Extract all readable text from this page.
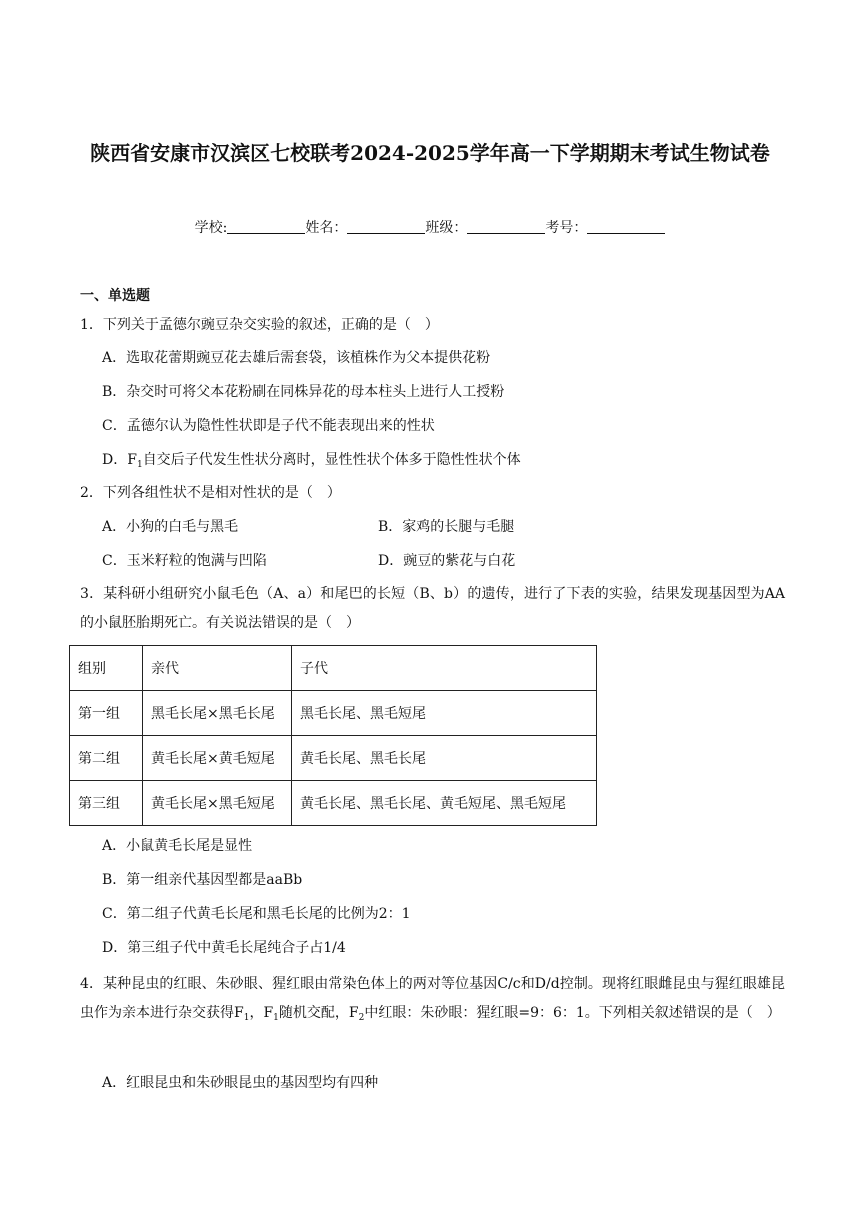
陕西省安康市汉滨区七校联考2024-2025学年高一下学期期末考试生物试卷
学校:	姓名：	班级：	考号：
一、单选题
1．下列关于孟德尔豌豆杂交实验的叙述，正确的是（　）
A．选取花蕾期豌豆花去雄后需套袋，该植株作为父本提供花粉
B．杂交时可将父本花粉刷在同株异花的母本柱头上进行人工授粉
C．孟德尔认为隐性性状即是子代不能表现出来的性状
D．$F_1$自交后子代发生性状分离时，显性性状个体多于隐性性状个体
2．下列各组性状不是相对性状的是（　）
A．小狗的白毛与黑毛	B．家鸡的长腿与毛腿
C．玉米籽粒的饱满与凹陷	D．豌豆的紫花与白花
3．某科研小组研究小鼠毛色（A、a）和尾巴的长短（B、b）的遗传，进行了下表的实验，结果发现基因型为AA的小鼠胚胎期死亡。有关说法错误的是（　）
组别	亲代	子代
第一组	黑毛长尾×黑毛长尾	黑毛长尾、黑毛短尾
第二组	黄毛长尾×黄毛短尾	黄毛长尾、黑毛长尾
第三组	黄毛长尾×黑毛短尾	黄毛长尾、黑毛长尾、黄毛短尾、黑毛短尾
A．小鼠黄毛长尾是显性
B．第一组亲代基因型都是aaBb
C．第二组子代黄毛长尾和黑毛长尾的比例为2：1
D．第三组子代中黄毛长尾纯合子占1/4
4．某种昆虫的红眼、朱砂眼、猩红眼由常染色体上的两对等位基因C/c和D/d控制。现将红眼雌昆虫与猩红眼雄昆虫作为亲本进行杂交获得$F_1$，$F_1$随机交配，$F_2$中红眼：朱砂眼：猩红眼=9：6：1。下列相关叙述错误的是（　）
A．红眼昆虫和朱砂眼昆虫的基因型均有四种
